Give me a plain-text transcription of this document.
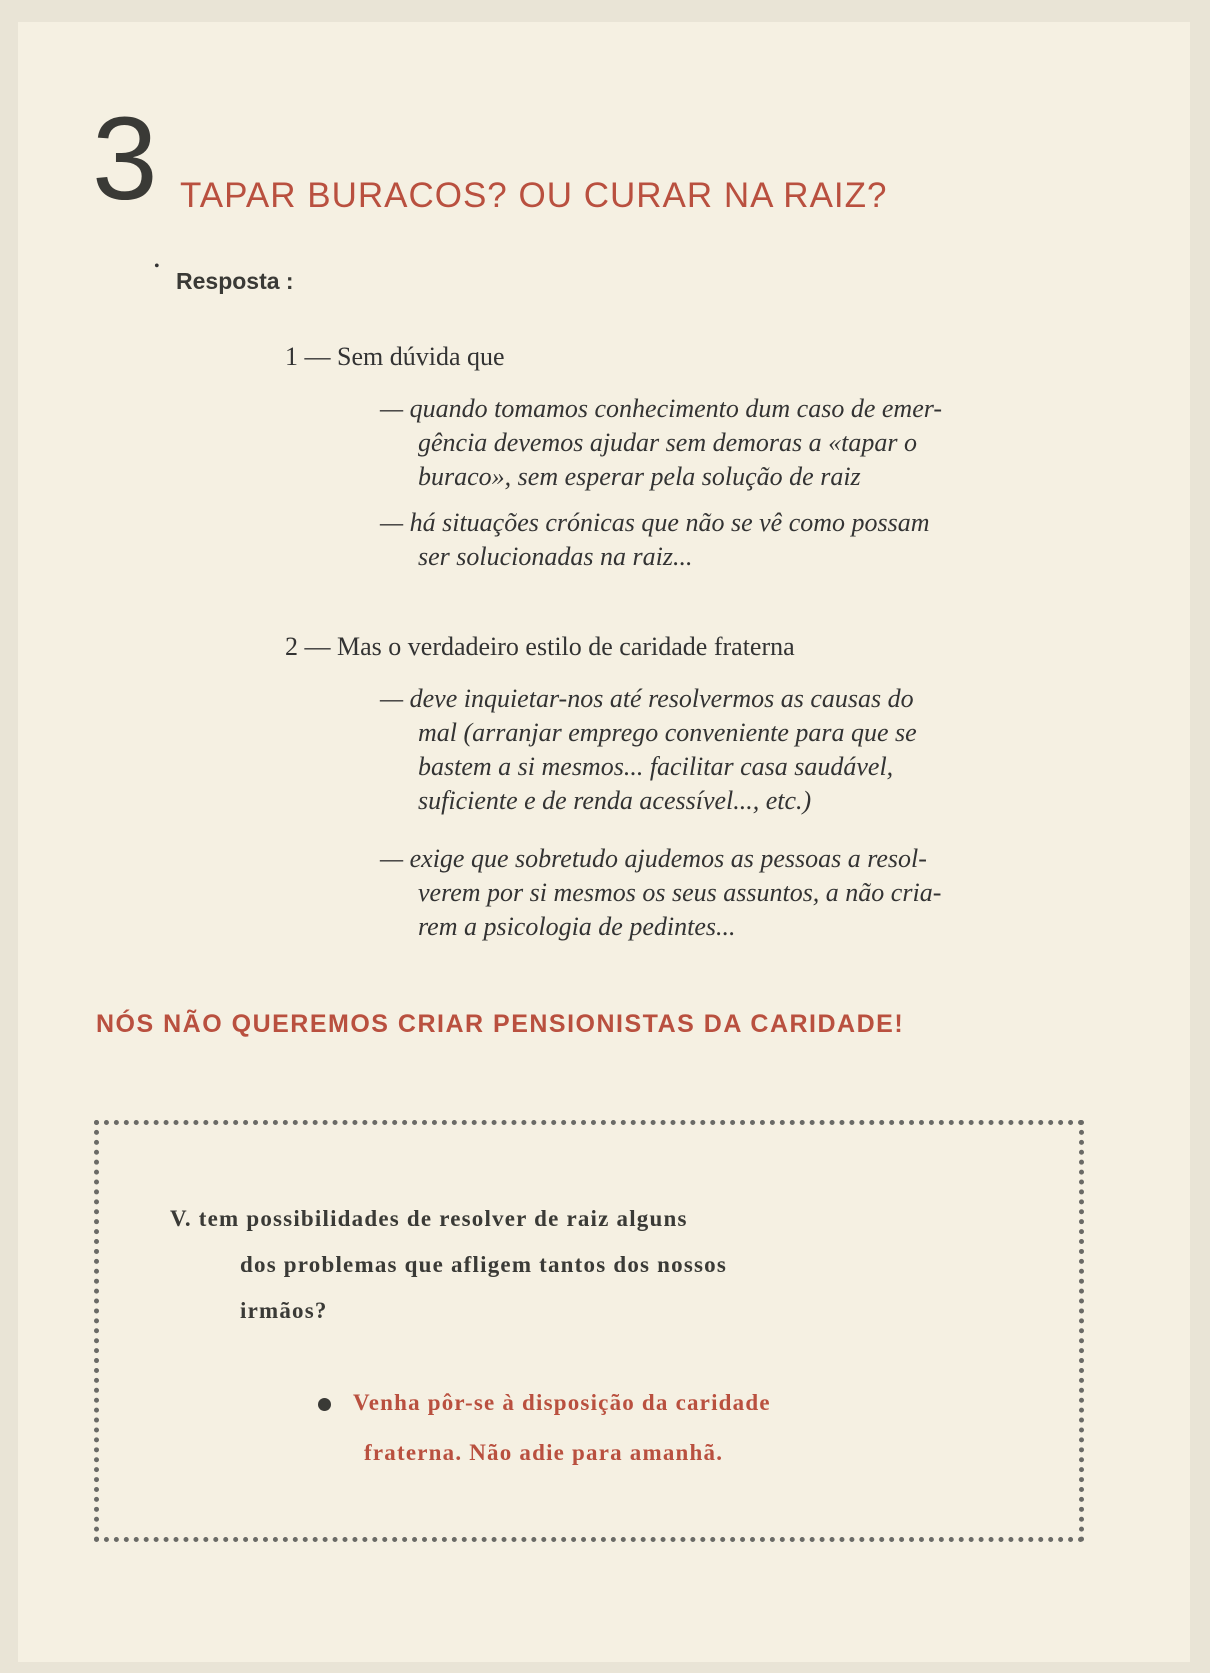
3 TAPAR BURACOS? OU CURAR NA RAIZ?
•
Resposta :
1 — Sem dúvida que
— quando tomamos conhecimento dum caso de emer-
gência devemos ajudar sem demoras a «tapar o
buraco», sem esperar pela solução de raiz
— há situações crónicas que não se vê como possam
ser solucionadas na raiz...
2 — Mas o verdadeiro estilo de caridade fraterna
— deve inquietar-nos até resolvermos as causas do
mal (arranjar emprego conveniente para que se
bastem a si mesmos... facilitar casa saudável,
suficiente e de renda acessível..., etc.)
— exige que sobretudo ajudemos as pessoas a resol-
verem por si mesmos os seus assuntos, a não cria-
rem a psicologia de pedintes...
NÓS NÃO QUEREMOS CRIAR PENSIONISTAS DA CARIDADE!
V. tem possibilidades de resolver de raiz alguns
dos problemas que afligem tantos dos nossos
irmãos?
Venha pôr-se à disposição da caridade
fraterna. Não adie para amanhã.
